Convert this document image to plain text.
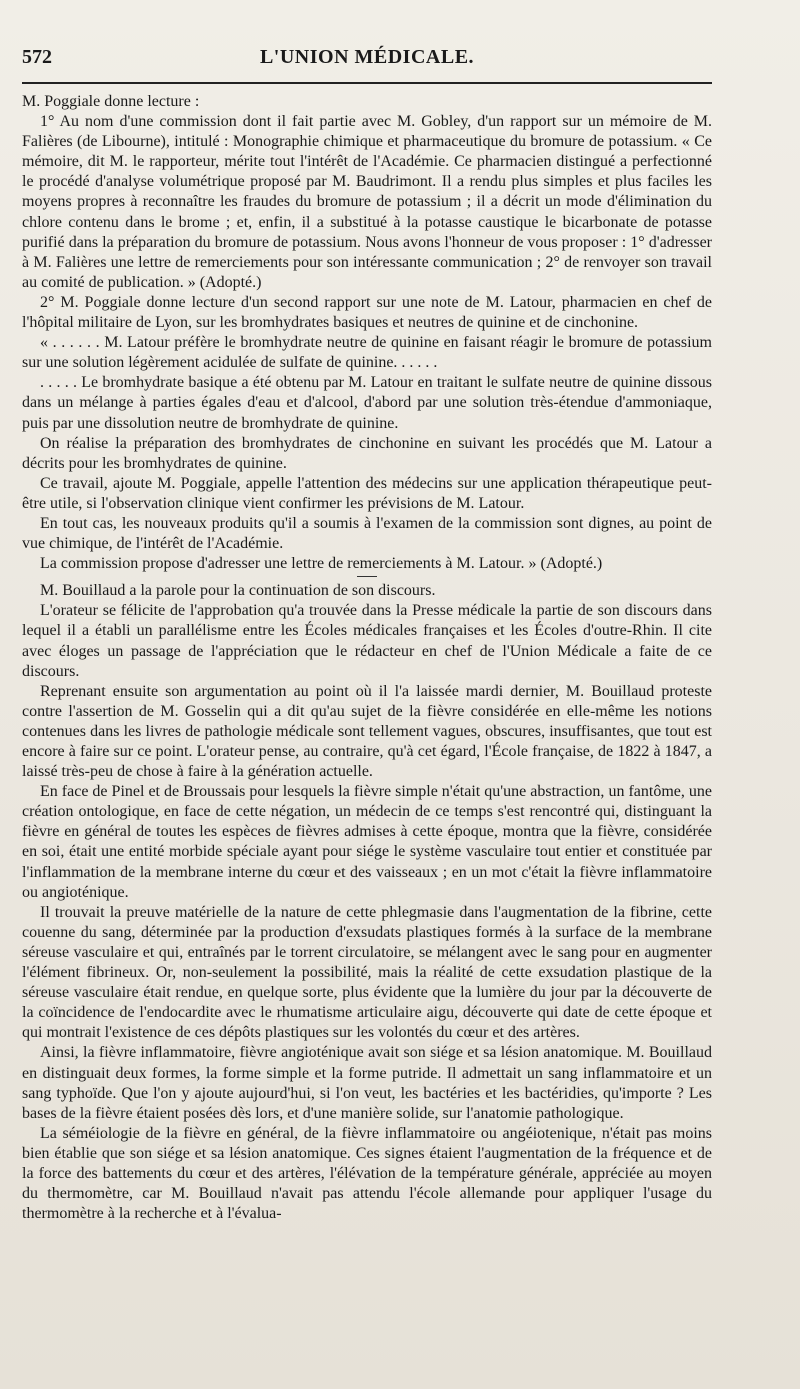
572	L'UNION MÉDICALE.

M. Poggiale donne lecture :

1° Au nom d'une commission dont il fait partie avec M. Gobley, d'un rapport sur un mémoire de M. Falières (de Libourne), intitulé : Monographie chimique et pharmaceutique du bromure de potassium. « Ce mémoire, dit M. le rapporteur, mérite tout l'intérêt de l'Académie. Ce pharmacien distingué a perfectionné le procédé d'analyse volumétrique proposé par M. Baudrimont. Il a rendu plus simples et plus faciles les moyens propres à reconnaître les fraudes du bromure de potassium ; il a décrit un mode d'élimination du chlore contenu dans le brome ; et, enfin, il a substitué à la potasse caustique le bicarbonate de potasse purifié dans la préparation du bromure de potassium. Nous avons l'honneur de vous proposer : 1° d'adresser à M. Falières une lettre de remerciements pour son intéressante communication ; 2° de renvoyer son travail au comité de publication. » (Adopté.)

2° M. Poggiale donne lecture d'un second rapport sur une note de M. Latour, pharmacien en chef de l'hôpital militaire de Lyon, sur les bromhydrates basiques et neutres de quinine et de cinchonine.

« . . . . . . M. Latour préfère le bromhydrate neutre de quinine en faisant réagir le bromure de potassium sur une solution légèrement acidulée de sulfate de quinine. . . . . .

. . . . . Le bromhydrate basique a été obtenu par M. Latour en traitant le sulfate neutre de quinine dissous dans un mélange à parties égales d'eau et d'alcool, d'abord par une solution très-étendue d'ammoniaque, puis par une dissolution neutre de bromhydrate de quinine.

On réalise la préparation des bromhydrates de cinchonine en suivant les procédés que M. Latour a décrits pour les bromhydrates de quinine.

Ce travail, ajoute M. Poggiale, appelle l'attention des médecins sur une application thérapeutique peut-être utile, si l'observation clinique vient confirmer les prévisions de M. Latour.

En tout cas, les nouveaux produits qu'il a soumis à l'examen de la commission sont dignes, au point de vue chimique, de l'intérêt de l'Académie.

La commission propose d'adresser une lettre de remerciements à M. Latour. » (Adopté.)

M. Bouillaud a la parole pour la continuation de son discours.

L'orateur se félicite de l'approbation qu'a trouvée dans la Presse médicale la partie de son discours dans lequel il a établi un parallélisme entre les Écoles médicales françaises et les Écoles d'outre-Rhin. Il cite avec éloges un passage de l'appréciation que le rédacteur en chef de l'Union Médicale a faite de ce discours.

Reprenant ensuite son argumentation au point où il l'a laissée mardi dernier, M. Bouillaud proteste contre l'assertion de M. Gosselin qui a dit qu'au sujet de la fièvre considérée en elle-même les notions contenues dans les livres de pathologie médicale sont tellement vagues, obscures, insuffisantes, que tout est encore à faire sur ce point. L'orateur pense, au contraire, qu'à cet égard, l'École française, de 1822 à 1847, a laissé très-peu de chose à faire à la génération actuelle.

En face de Pinel et de Broussais pour lesquels la fièvre simple n'était qu'une abstraction, un fantôme, une création ontologique, en face de cette négation, un médecin de ce temps s'est rencontré qui, distinguant la fièvre en général de toutes les espèces de fièvres admises à cette époque, montra que la fièvre, considérée en soi, était une entité morbide spéciale ayant pour siége le système vasculaire tout entier et constituée par l'inflammation de la membrane interne du cœur et des vaisseaux ; en un mot c'était la fièvre inflammatoire ou angioténique.

Il trouvait la preuve matérielle de la nature de cette phlegmasie dans l'augmentation de la fibrine, cette couenne du sang, déterminée par la production d'exsudats plastiques formés à la surface de la membrane séreuse vasculaire et qui, entraînés par le torrent circulatoire, se mélangent avec le sang pour en augmenter l'élément fibrineux. Or, non-seulement la possibilité, mais la réalité de cette exsudation plastique de la séreuse vasculaire était rendue, en quelque sorte, plus évidente que la lumière du jour par la découverte de la coïncidence de l'endocardite avec le rhumatisme articulaire aigu, découverte qui date de cette époque et qui montrait l'existence de ces dépôts plastiques sur les volontés du cœur et des artères.

Ainsi, la fièvre inflammatoire, fièvre angioténique avait son siége et sa lésion anatomique. M. Bouillaud en distinguait deux formes, la forme simple et la forme putride. Il admettait un sang inflammatoire et un sang typhoïde. Que l'on y ajoute aujourd'hui, si l'on veut, les bactéries et les bactéridies, qu'importe ? Les bases de la fièvre étaient posées dès lors, et d'une manière solide, sur l'anatomie pathologique.

La séméiologie de la fièvre en général, de la fièvre inflammatoire ou angéiotenique, n'était pas moins bien établie que son siége et sa lésion anatomique. Ces signes étaient l'augmentation de la fréquence et de la force des battements du cœur et des artères, l'élévation de la température générale, appréciée au moyen du thermomètre, car M. Bouillaud n'avait pas attendu l'école allemande pour appliquer l'usage du thermomètre à la recherche et à l'évalua-
